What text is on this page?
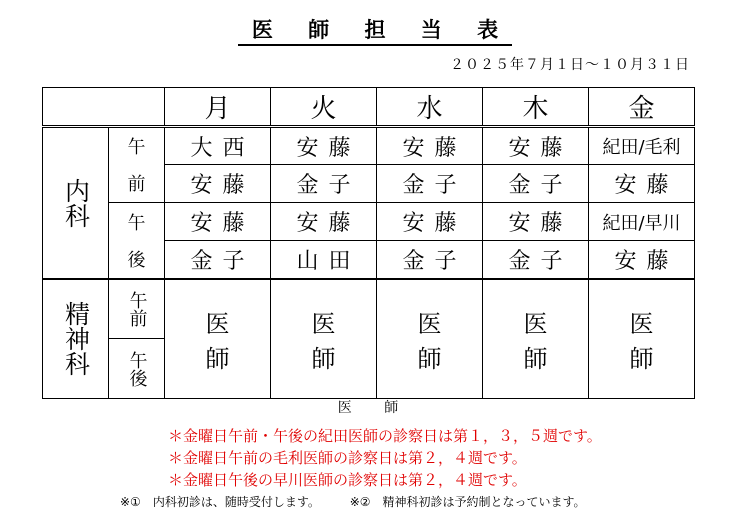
医 師 担 当 表
２０２５年７月１日～１０月３１日
		月	火	水	木	金
内科	午	大西	安藤	安藤	安藤	紀田/毛利
	前	安藤	金子	金子	金子	安藤
	午	安藤	安藤	安藤	安藤	紀田/早川
	後	金子	山田	金子	金子	安藤
精神科	午前	医師	医師	医師	医師	医師
	午後					
医 師
＊金曜日午前・午後の紀田医師の診察日は第１，３，５週です。
＊金曜日午前の毛利医師の診察日は第２，４週です。
＊金曜日午後の早川医師の診察日は第２，４週です。
※①　内科初診は、随時受付します。 ※②　精神科初診は予約制となっています。
